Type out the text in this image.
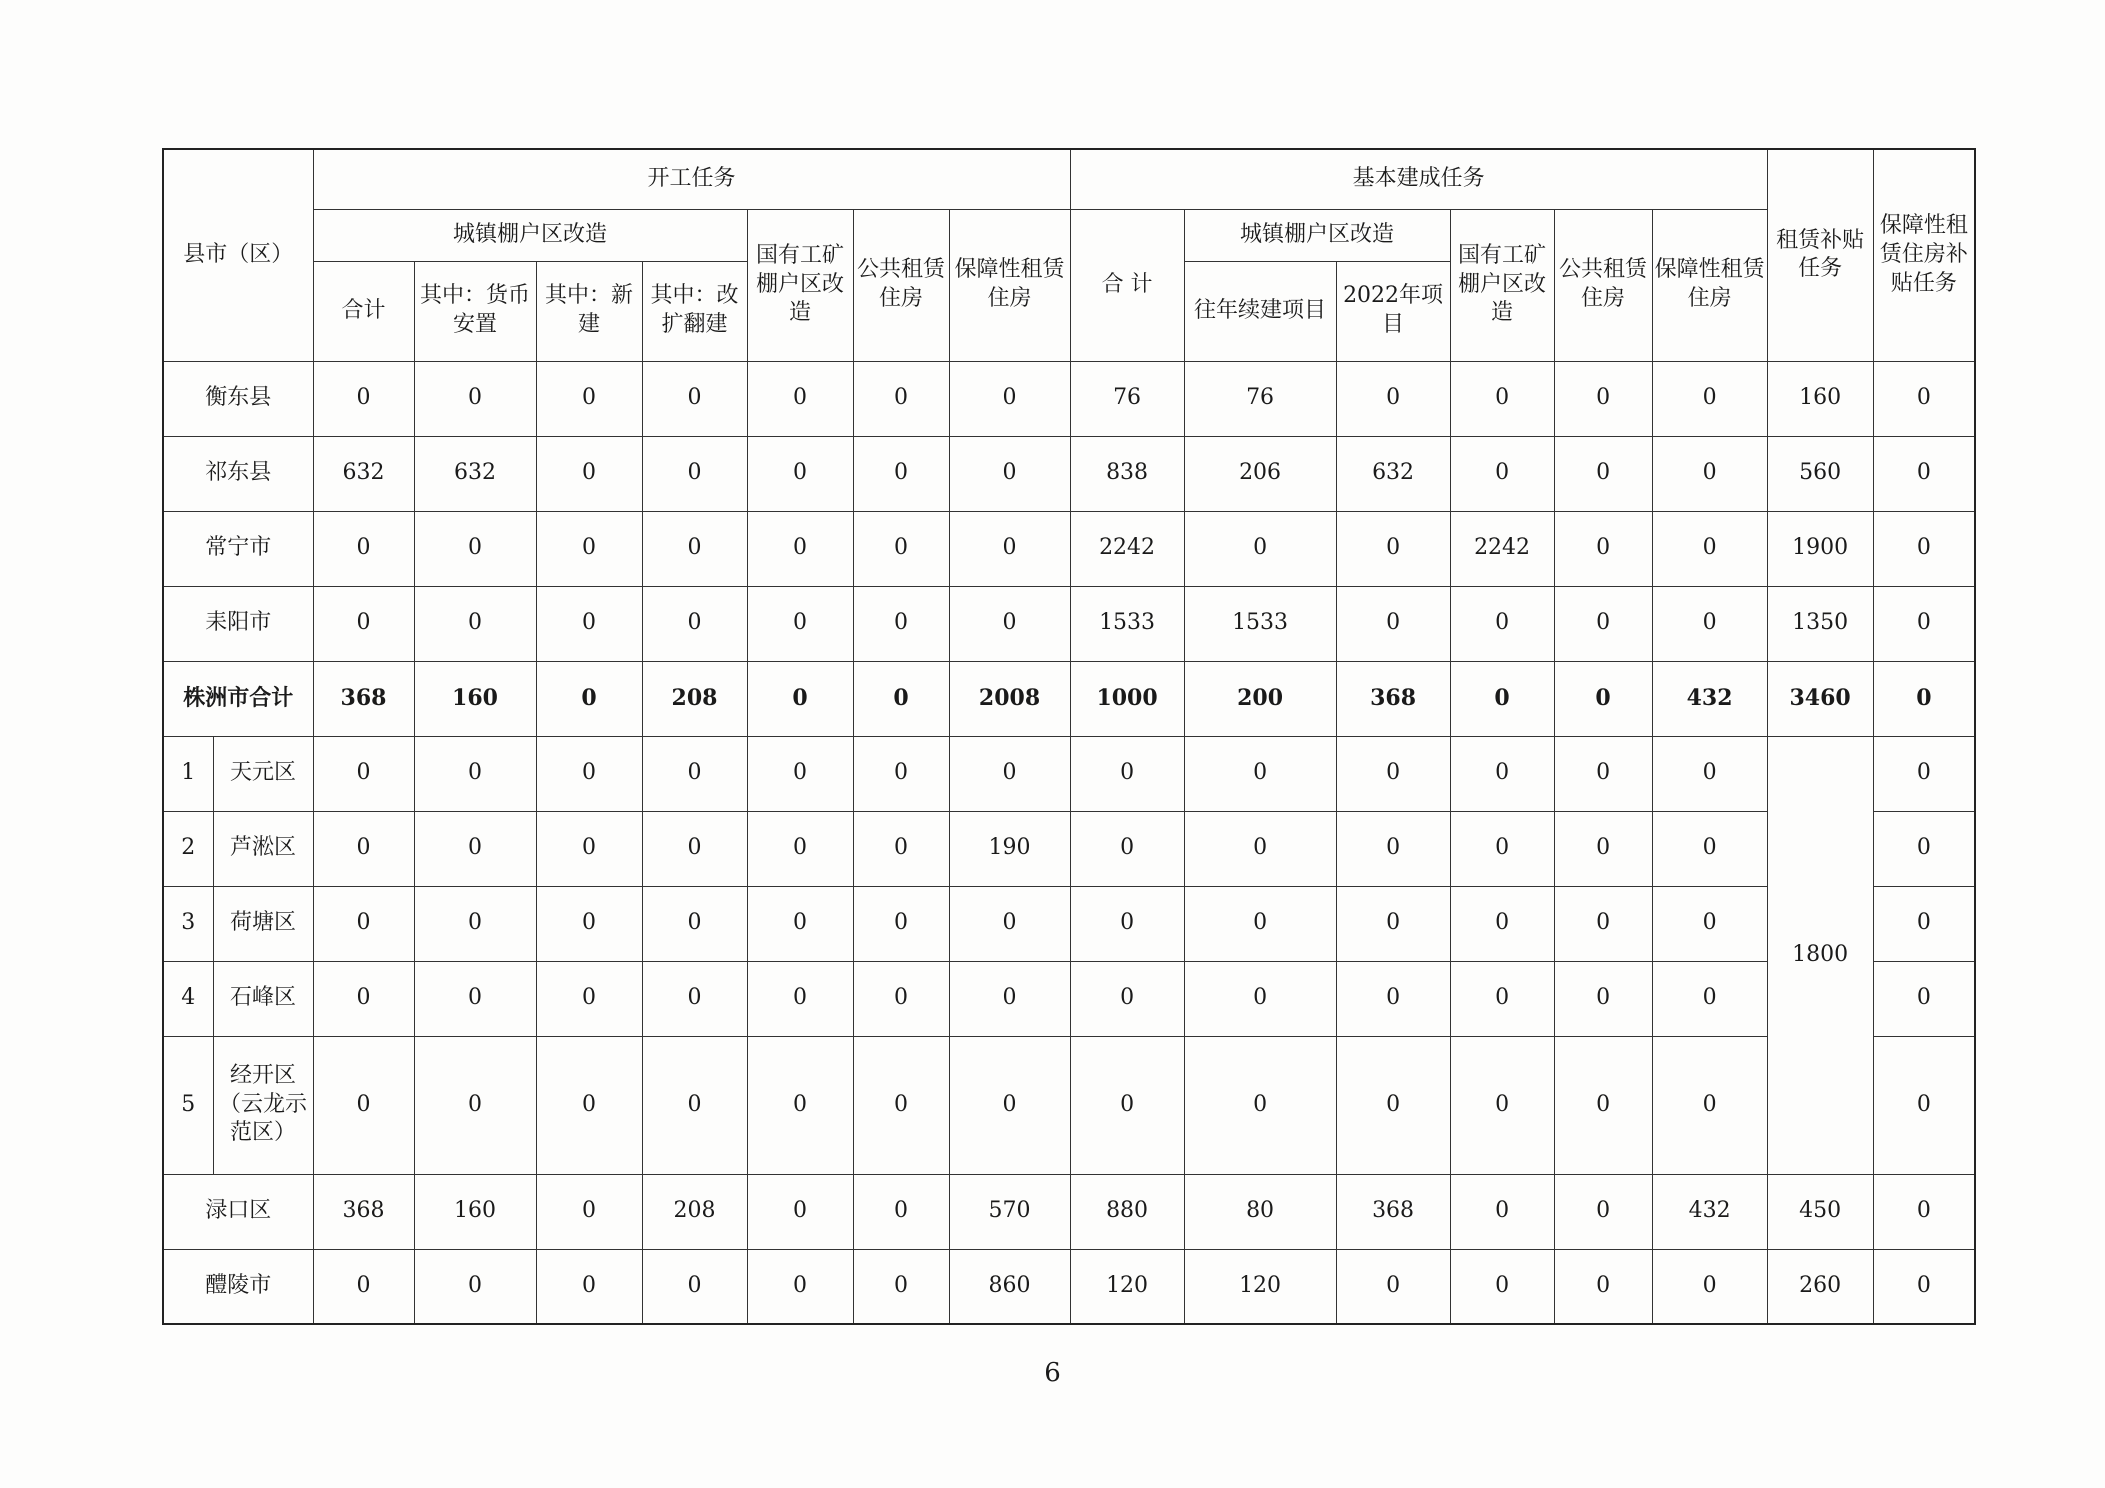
县市（区）		开工任务							基本建成任务						租赁补贴任务	保障性租赁住房补贴任务
		城镇棚户区改造				国有工矿棚户区改造	公共租赁住房	保障性租赁住房	合 计	城镇棚户区改造		国有工矿棚户区改造	公共租赁住房	保障性租赁住房		
		合计	其中：货币安置	其中：新建	其中：改扩翻建					往年续建项目	2022年项目					
衡东县		0	0	0	0	0	0	0	76	76	0	0	0	0	160	0
祁东县		632	632	0	0	0	0	0	838	206	632	0	0	0	560	0
常宁市		0	0	0	0	0	0	0	2242	0	0	2242	0	0	1900	0
耒阳市		0	0	0	0	0	0	0	1533	1533	0	0	0	0	1350	0
株洲市合计		368	160	0	208	0	0	2008	1000	200	368	0	0	432	3460	0
1	天元区	0	0	0	0	0	0	0	0	0	0	0	0	0	1800	0
2	芦淞区	0	0	0	0	0	0	190	0	0	0	0	0	0		0
3	荷塘区	0	0	0	0	0	0	0	0	0	0	0	0	0		0
4	石峰区	0	0	0	0	0	0	0	0	0	0	0	0	0		0
5	经开区（云龙示范区）	0	0	0	0	0	0	0	0	0	0	0	0	0		0
渌口区		368	160	0	208	0	0	570	880	80	368	0	0	432	450	0
醴陵市		0	0	0	0	0	0	860	120	120	0	0	0	0	260	0
6
